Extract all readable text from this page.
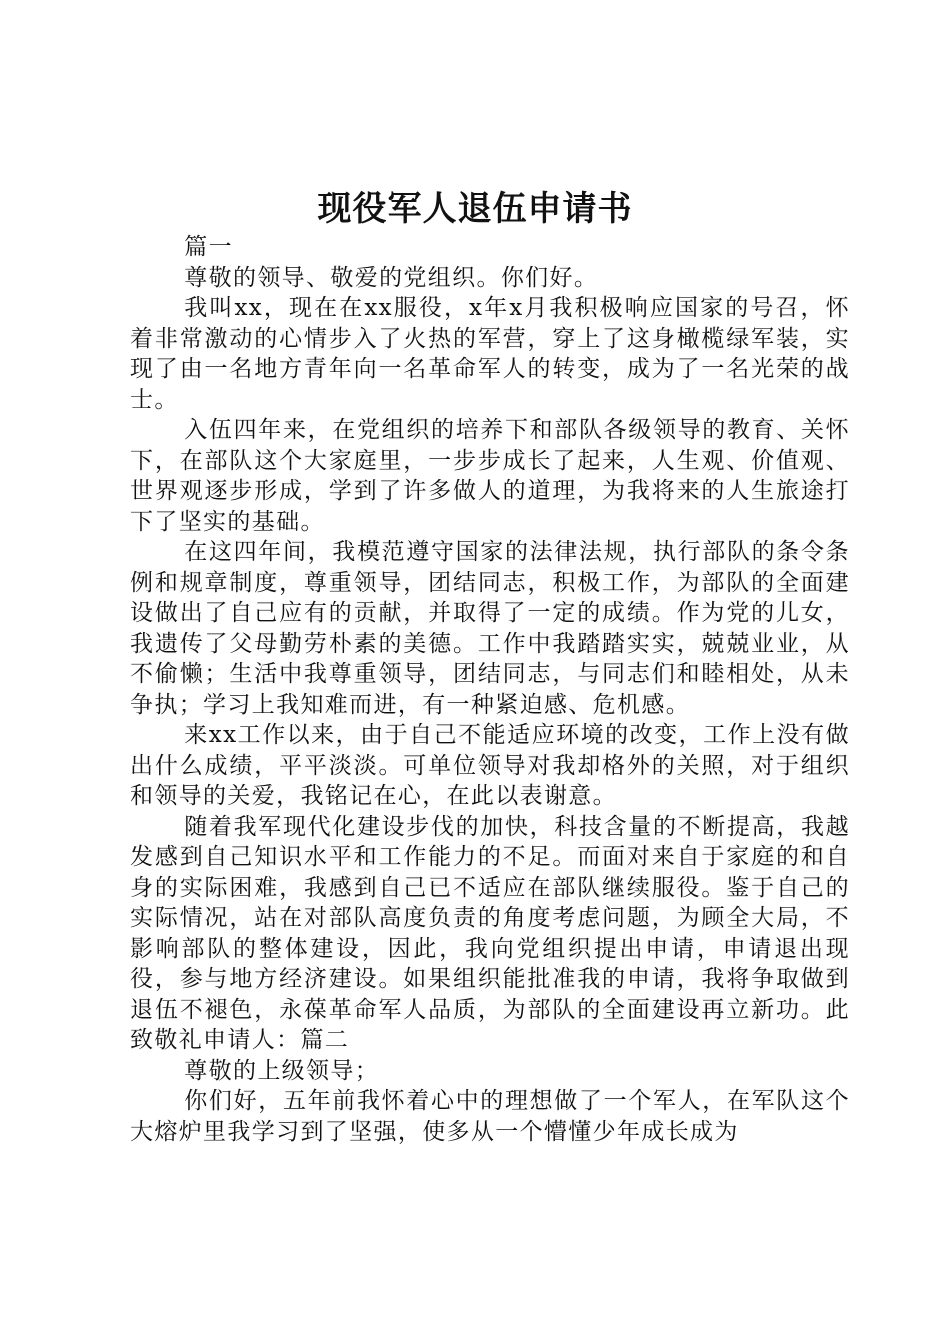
现役军人退伍申请书

篇一

尊敬的领导、敬爱的党组织。你们好。

我叫xx，现在在xx服役，x年x月我积极响应国家的号召，怀着非常激动的心情步入了火热的军营，穿上了这身橄榄绿军装，实现了由一名地方青年向一名革命军人的转变，成为了一名光荣的战士。

入伍四年来，在党组织的培养下和部队各级领导的教育、关怀下，在部队这个大家庭里，一步步成长了起来，人生观、价值观、世界观逐步形成，学到了许多做人的道理，为我将来的人生旅途打下了坚实的基础。

在这四年间，我模范遵守国家的法律法规，执行部队的条令条例和规章制度，尊重领导，团结同志，积极工作，为部队的全面建设做出了自己应有的贡献，并取得了一定的成绩。作为党的儿女，我遗传了父母勤劳朴素的美德。工作中我踏踏实实，兢兢业业，从不偷懒；生活中我尊重领导，团结同志，与同志们和睦相处，从未争执；学习上我知难而进，有一种紧迫感、危机感。

来xx工作以来，由于自己不能适应环境的改变，工作上没有做出什么成绩，平平淡淡。可单位领导对我却格外的关照，对于组织和领导的关爱，我铭记在心，在此以表谢意。

随着我军现代化建设步伐的加快，科技含量的不断提高，我越发感到自己知识水平和工作能力的不足。而面对来自于家庭的和自身的实际困难，我感到自己已不适应在部队继续服役。鉴于自己的实际情况，站在对部队高度负责的角度考虑问题，为顾全大局，不影响部队的整体建设，因此，我向党组织提出申请，申请退出现役，参与地方经济建设。如果组织能批准我的申请，我将争取做到退伍不褪色，永葆革命军人品质，为部队的全面建设再立新功。此致敬礼申请人：篇二

尊敬的上级领导；

你们好，五年前我怀着心中的理想做了一个军人，在军队这个大熔炉里我学习到了坚强，使多从一个懵懂少年成长成为
